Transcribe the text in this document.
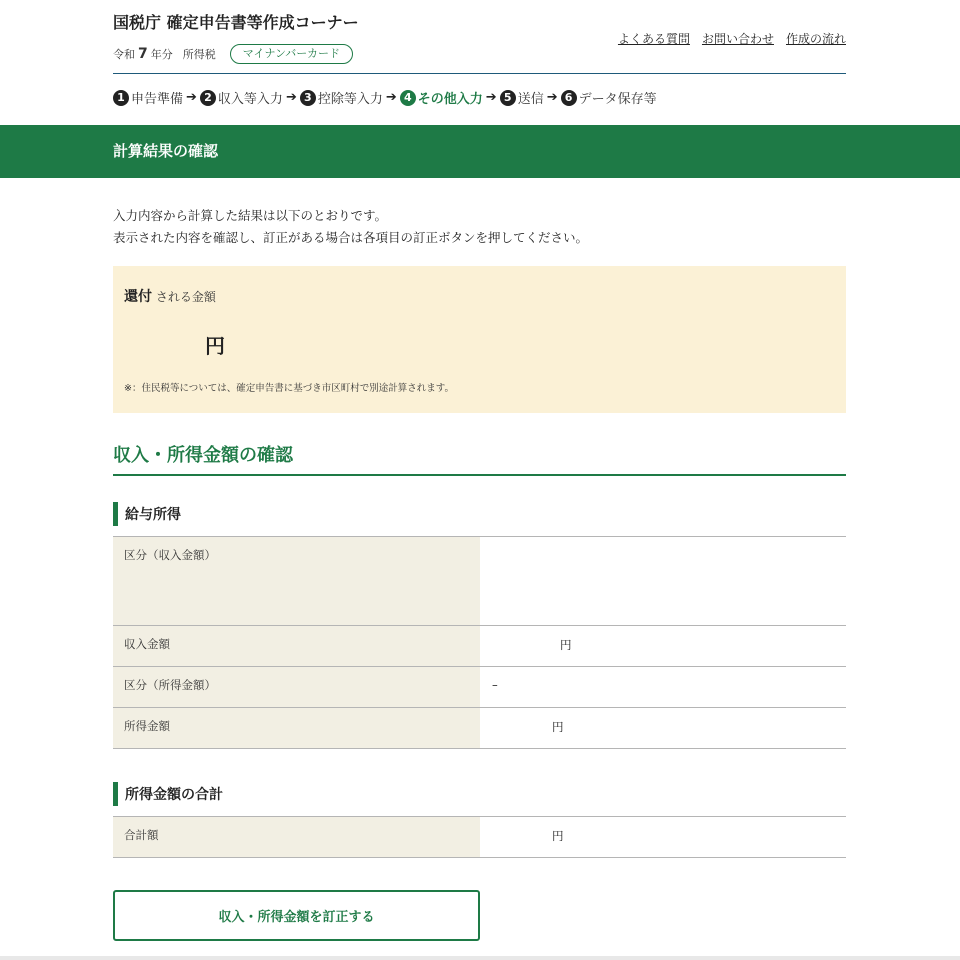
国税庁 確定申告書等作成コーナー
令和 7 年分 所得税	マイナンバーカード
よくある質問 お問い合わせ 作成の流れ
1 申告準備 ➔ 2 収入等入力 ➔ 3 控除等入力 ➔ 4 その他入力 ➔ 5 送信 ➔ 6 データ保存等
計算結果の確認
入力内容から計算した結果は以下のとおりです。
表示された内容を確認し、訂正がある場合は各項目の訂正ボタンを押してください。
還付 される金額
円
※：住民税等については、確定申告書に基づき市区町村で別途計算されます。
収入・所得金額の確認
給与所得
区分（収入金額）	
収入金額	円
区分（所得金額）	–
所得金額	円
所得金額の合計
合計額	円
収入・所得金額を訂正する
